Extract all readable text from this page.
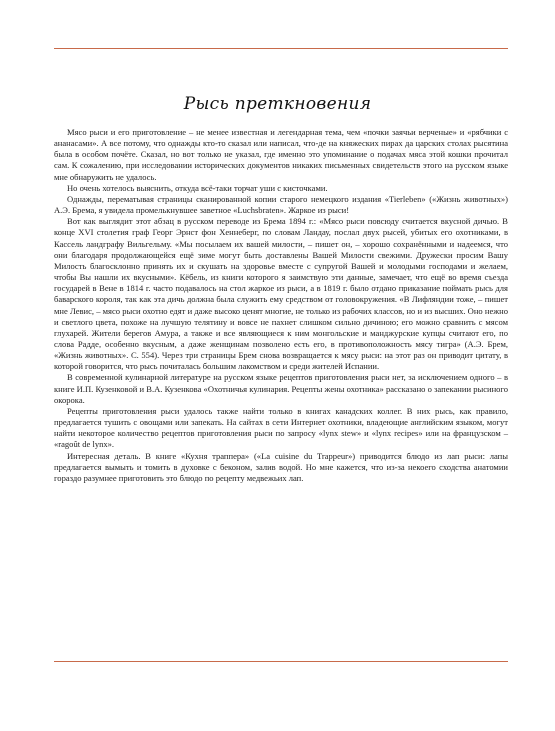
Рысь преткновения

Мясо рыси и его приготовление – не менее известная и легендарная тема, чем «почки заячьи верченые» и «рябчики с ананасами». А все потому, что однажды кто-то сказал или написал, что-де на княжеских пирах да царских столах рысятина была в особом почёте. Сказал, но вот только не указал, где именно это упоминание о подачах мяса этой кошки прочитал сам. К сожалению, при исследовании исторических документов никаких письменных свидетельств этого на русском языке мне обнаружить не удалось.

Но очень хотелось выяснить, откуда всё-таки торчат уши с кисточками.

Однажды, перематывая страницы сканированной копии старого немецкого издания «Tierleben» («Жизнь животных») А.Э. Брема, я увидела промелькнувшее заветное «Luchsbraten». Жаркое из рыси!

Вот как выглядит этот абзац в русском переводе из Брема 1894 г.: «Мясо рыси повсюду считается вкусной дичью. В конце XVI столетия граф Георг Эрнст фон Хеннеберг, по словам Ландау, послал двух рысей, убитых его охотниками, в Кассель ландграфу Вильгельму. «Мы посылаем их вашей милости, – пишет он, – хорошо сохранёнными и надеемся, что они благодаря продолжающейся ещё зиме могут быть доставлены Вашей Милости свежими. Дружески просим Вашу Милость благосклонно принять их и скушать на здоровье вместе с супругой Вашей и молодыми господами и желаем, чтобы Вы нашли их вкусными». Кёбель, из книги которого я заимствую эти данные, замечает, что ещё во время съезда государей в Вене в 1814 г. часто подавалось на стол жаркое из рыси, а в 1819 г. было отдано приказание поймать рысь для баварского короля, так как эта дичь должна была служить ему средством от головокружения. «В Лифляндии тоже, – пишет мне Левис, – мясо рыси охотно едят и даже высоко ценят многие, не только из рабочих классов, но и из высших. Оно нежно и светлого цвета, похоже на лучшую телятину и вовсе не пахнет слишком сильно дичиною; его можно сравнить с мясом глухарей. Жители берегов Амура, а также и все являющиеся к ним монгольские и манджурские купцы считают его, по слова Радде, особенно вкусным, а даже женщинам позволено есть его, в противоположность мясу тигра» (А.Э. Брем, «Жизнь животных». С. 554). Через три страницы Брем снова возвращается к мясу рыси: на этот раз он приводит цитату, в которой говорится, что рысь почиталась большим лакомством и среди жителей Испании.

В современной кулинарной литературе на русском языке рецептов приготовления рыси нет, за исключением одного – в книге И.П. Кузенковой и В.А. Кузенкова «Охотничья кулинария. Рецепты жены охотника» рассказано о запекании рысиного окорока.

Рецепты приготовления рыси удалось также найти только в книгах канадских коллег. В них рысь, как правило, предлагается тушить с овощами или запекать. На сайтах в сети Интернет охотники, владеющие английским языком, могут найти некоторое количество рецептов приготовления рыси по запросу «lynx stew» и «lynx recipes» или на французском – «ragoût de lynx».

Интересная деталь. В книге «Кухня траппера» («La cuisine du Trappeur») приводится блюдо из лап рыси: лапы предлагается вымыть и томить в духовке с беконом, залив водой. Но мне кажется, что из-за некоего сходства анатомии гораздо разумнее приготовить это блюдо по рецепту медвежьих лап.
